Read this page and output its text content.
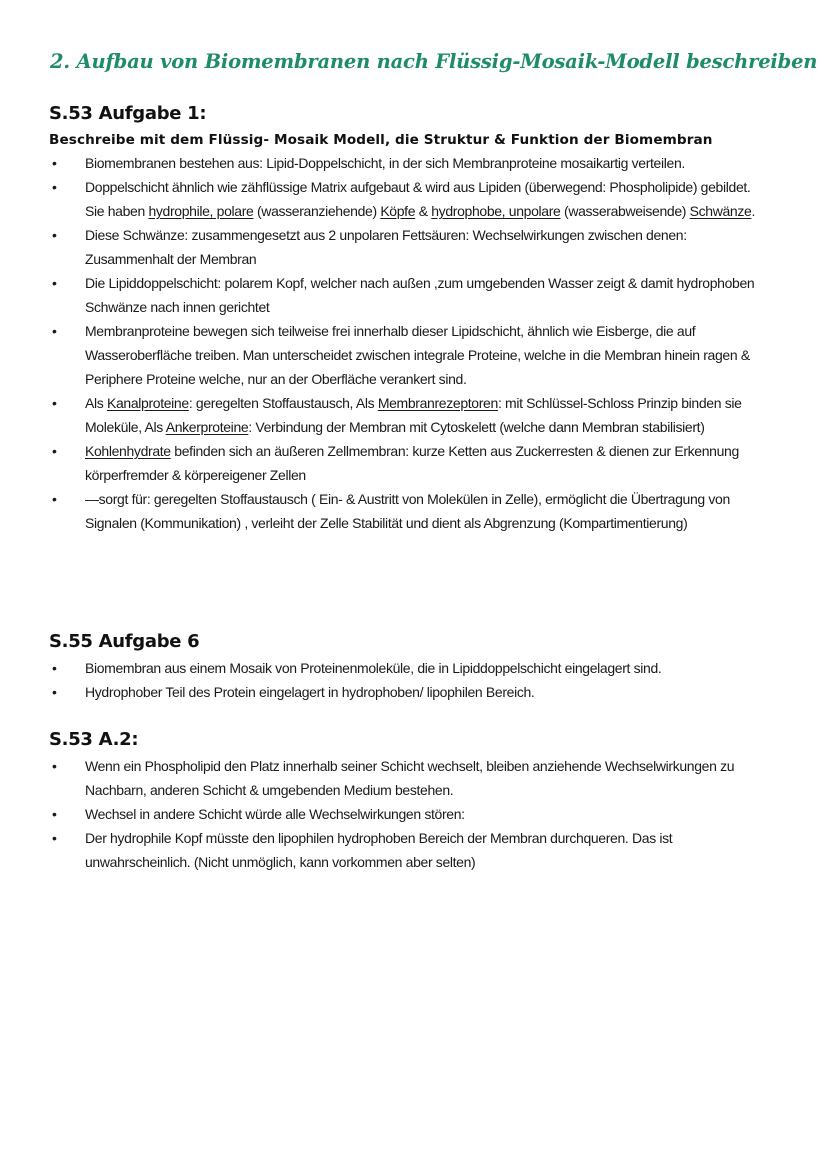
2. Aufbau von Biomembranen nach Flüssig-Mosaik-Modell beschreiben
S.53 Aufgabe 1:
Beschreibe mit dem Flüssig- Mosaik Modell, die Struktur & Funktion der Biomembran
• Biomembranen bestehen aus: Lipid-Doppelschicht, in der sich Membranproteine mosaikartig verteilen.
• Doppelschicht ähnlich wie zähflüssige Matrix aufgebaut & wird aus Lipiden (überwegend: Phospholipide) gebildet. Sie haben hydrophile, polare (wasseranziehende) Köpfe & hydrophobe, unpolare (wasserabweisende) Schwänze.
• Diese Schwänze: zusammengesetzt aus 2 unpolaren Fettsäuren: Wechselwirkungen zwischen denen: Zusammenhalt der Membran
• Die Lipiddoppelschicht: polarem Kopf, welcher nach außen ,zum umgebenden Wasser zeigt & damit hydrophoben Schwänze nach innen gerichtet
• Membranproteine bewegen sich teilweise frei innerhalb dieser Lipidschicht, ähnlich wie Eisberge, die auf Wasseroberfläche treiben. Man unterscheidet zwischen integrale Proteine, welche in die Membran hinein ragen & Periphere Proteine welche, nur an der Oberfläche verankert sind.
• Als Kanalproteine: geregelten Stoffaustausch, Als Membranrezeptoren: mit Schlüssel-Schloss Prinzip binden sie Moleküle, Als Ankerproteine: Verbindung der Membran mit Cytoskelett (welche dann Membran stabilisiert)
• Kohlenhydrate befinden sich an äußeren Zellmembran: kurze Ketten aus Zuckerresten & dienen zur Erkennung körperfremder & körpereigener Zellen
• —sorgt für: geregelten Stoffaustausch ( Ein- & Austritt von Molekülen in Zelle), ermöglicht die Übertragung von Signalen (Kommunikation) , verleiht der Zelle Stabilität und dient als Abgrenzung (Kompartimentierung)
S.55 Aufgabe 6
• Biomembran aus einem Mosaik von Proteinenmoleküle, die in Lipiddoppelschicht eingelagert sind.
• Hydrophober Teil des Protein eingelagert in hydrophoben/ lipophilen Bereich.
S.53 A.2:
• Wenn ein Phospholipid den Platz innerhalb seiner Schicht wechselt, bleiben anziehende Wechselwirkungen zu Nachbarn, anderen Schicht & umgebenden Medium bestehen.
• Wechsel in andere Schicht würde alle Wechselwirkungen stören:
• Der hydrophile Kopf müsste den lipophilen hydrophoben Bereich der Membran durchqueren. Das ist unwahrscheinlich. (Nicht unmöglich, kann vorkommen aber selten)
